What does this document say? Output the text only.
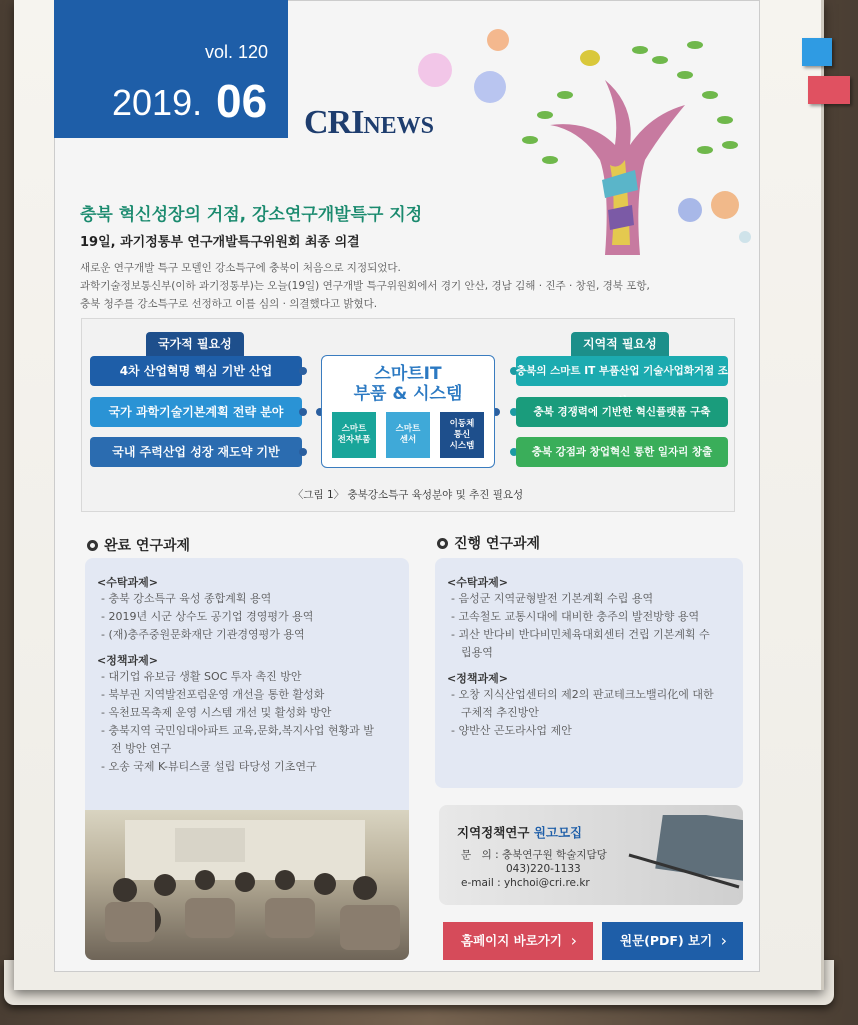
vol. 120
2019. 06 CRINEWS
충북 혁신성장의 거점, 강소연구개발특구 지정
19일, 과기정통부 연구개발특구위원회 최종 의결
새로운 연구개발 특구 모델인 강소특구에 충북이 처음으로 지정되었다.
과학기술정보통신부(이하 과기정통부)는 오늘(19일) 연구개발 특구위원회에서 경기 안산, 경남 김해 · 진주 · 창원, 경북 포항,
충북 청주를 강소특구로 선정하고 이를 심의 · 의결했다고 밝혔다.
국가적 필요성
4차 산업혁명 핵심 기반 산업
국가 과학기술기본계획 전략 분야
국내 주력산업 성장 재도약 기반
스마트IT
부품 & 시스템
스마트
전자부품
스마트
센서
이동체
통신
시스템
지역적 필요성
충북의 스마트 IT 부품산업 기술사업화거점 조
충북 경쟁력에 기반한 혁신플랫폼 구축
충북 강점과 창업혁신 통한 일자리 창출
〈그림 1〉 충북강소특구 육성분야 및 추진 필요성
완료 연구과제
<수탁과제>
- 충북 강소특구 육성 종합계획 용역
- 2019년 시군 상수도 공기업 경영평가 용역
- (재)충주중원문화재단 기관경영평가 용역
<정책과제>
- 대기업 유보금 생활 SOC 투자 촉진 방안
- 북부권 지역발전포럼운영 개선을 통한 활성화
- 옥천묘목축제 운영 시스템 개선 및 활성화 방안
- 충북지역 국민임대아파트 교육,문화,복지사업 현황과 발전 방안 연구
- 오송 국제 K-뷰티스쿨 설립 타당성 기초연구
진행 연구과제
<수탁과제>
- 음성군 지역균형발전 기본계획 수립 용역
- 고속철도 교통시대에 대비한 충주의 발전방향 용역
- 괴산 반다비 반다비민체육대회센터 건립 기본계획 수립용역
<정책과제>
- 오창 지식산업센터의 제2의 판교테크노밸리化에 대한 구체적 추진방안
- 양반산 곤도라사업 제안
지역정책연구 원고모집
문　의 : 충북연구원 학술지담당
043)220-1133
e-mail : yhchoi@cri.re.kr
홈페이지 바로가기 ›	원문(PDF) 보기 ›
